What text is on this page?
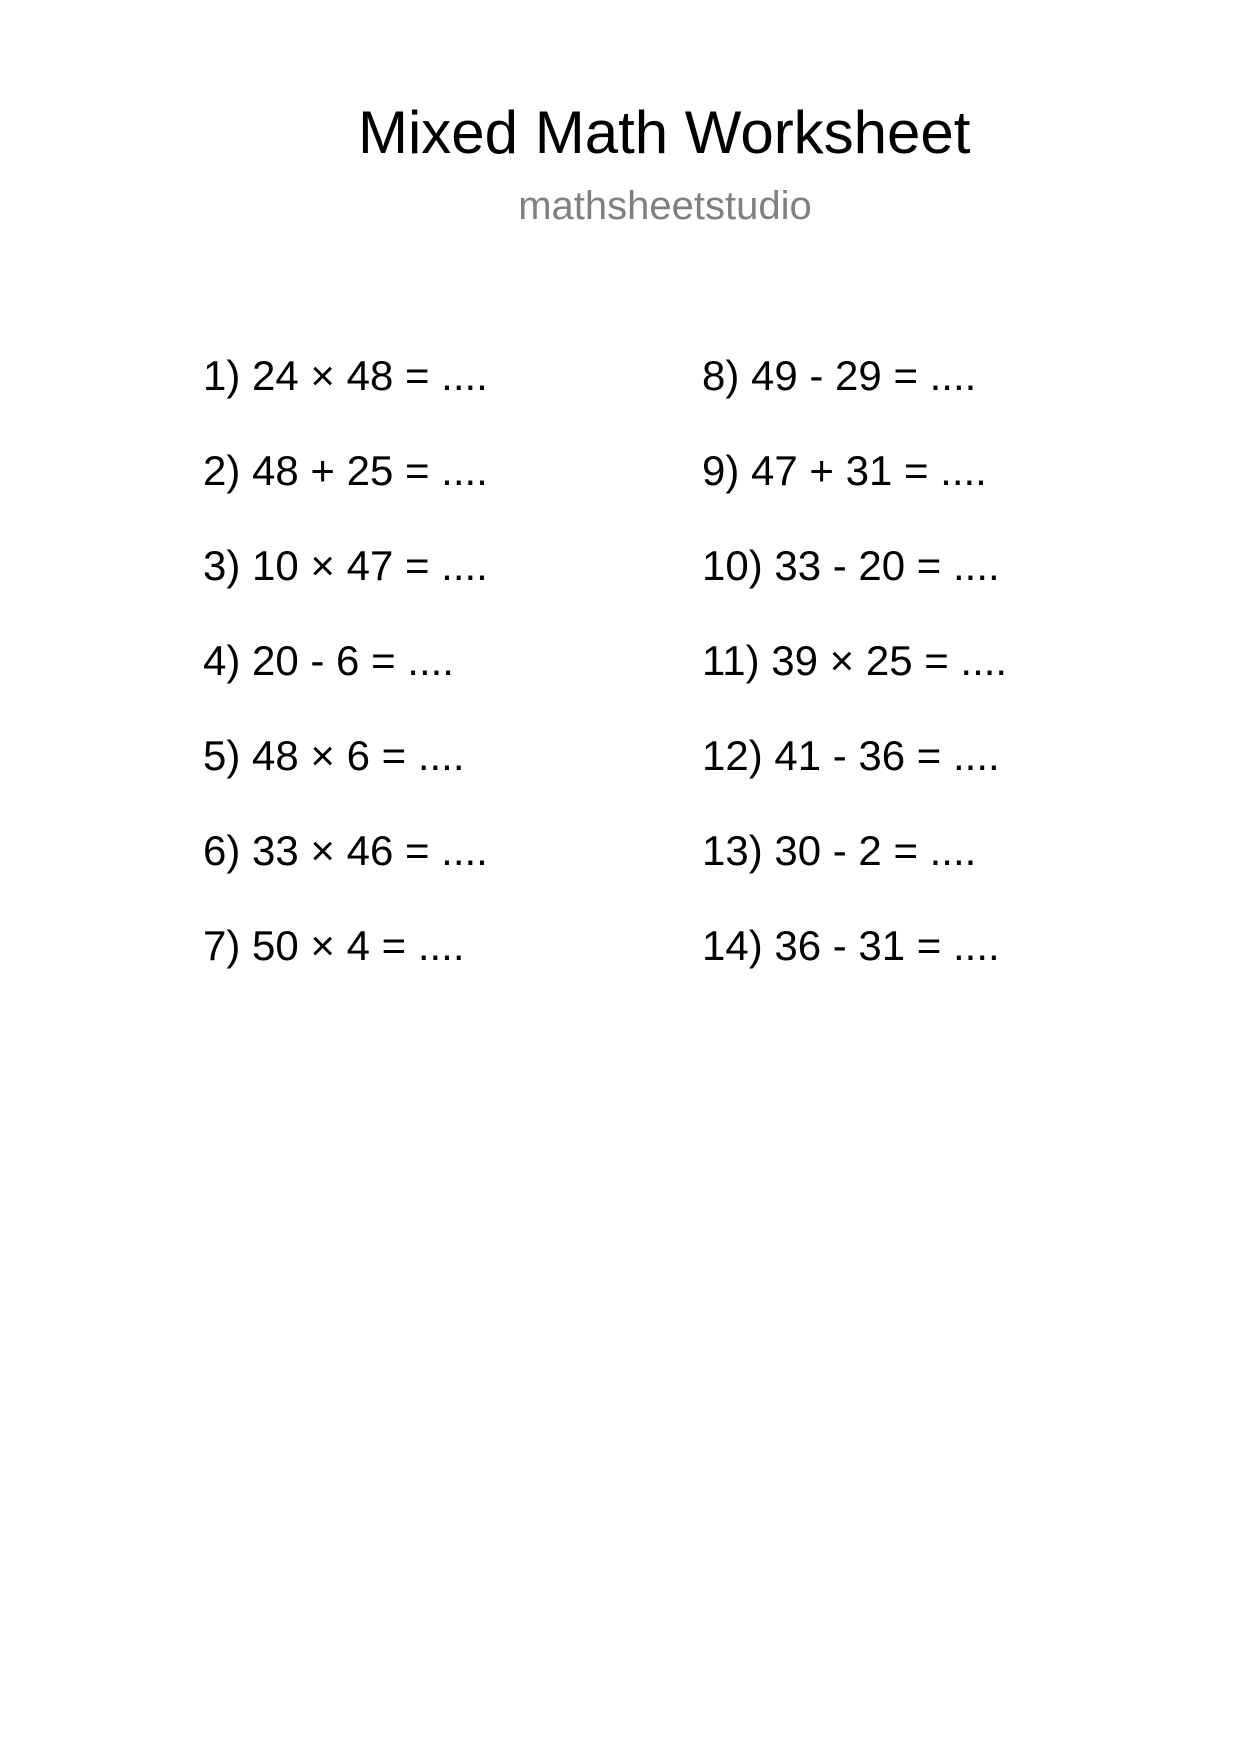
Mixed Math Worksheet
mathsheetstudio
1) 24 × 48 = ....
2) 48 + 25 = ....
3) 10 × 47 = ....
4) 20 - 6 = ....
5) 48 × 6 = ....
6) 33 × 46 = ....
7) 50 × 4 = ....
8) 49 - 29 = ....
9) 47 + 31 = ....
10) 33 - 20 = ....
11) 39 × 25 = ....
12) 41 - 36 = ....
13) 30 - 2 = ....
14) 36 - 31 = ....
